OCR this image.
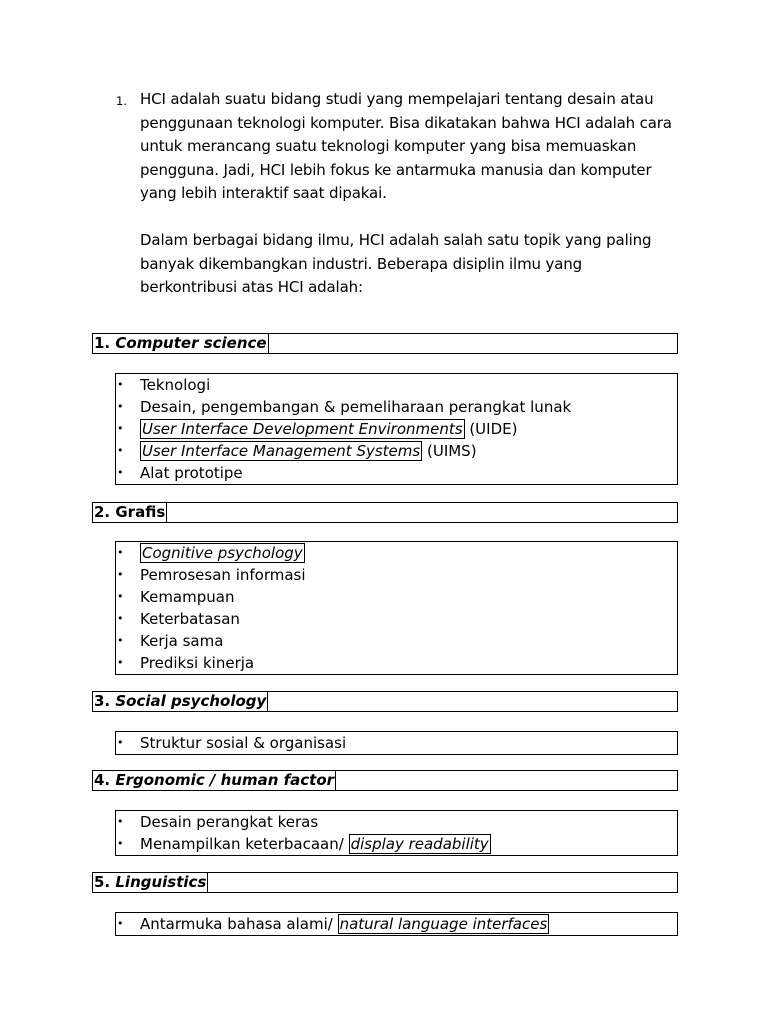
1. HCI adalah suatu bidang studi yang mempelajari tentang desain atau penggunaan teknologi komputer. Bisa dikatakan bahwa HCI adalah cara untuk merancang suatu teknologi komputer yang bisa memuaskan pengguna. Jadi, HCI lebih fokus ke antarmuka manusia dan komputer yang lebih interaktif saat dipakai.
Dalam berbagai bidang ilmu, HCI adalah salah satu topik yang paling banyak dikembangkan industri. Beberapa disiplin ilmu yang berkontribusi atas HCI adalah:
1. Computer science
•	Teknologi
•	Desain, pengembangan & pemeliharaan perangkat lunak
•	User Interface Development Environments (UIDE)
•	User Interface Management Systems (UIMS)
•	Alat prototipe
2. Grafis
•	Cognitive psychology
•	Pemrosesan informasi
•	Kemampuan
•	Keterbatasan
•	Kerja sama
•	Prediksi kinerja
3. Social psychology
•	Struktur sosial & organisasi
4. Ergonomic / human factor
•	Desain perangkat keras
•	Menampilkan keterbacaan/ display readability
5. Linguistics
•	Antarmuka bahasa alami/ natural language interfaces
